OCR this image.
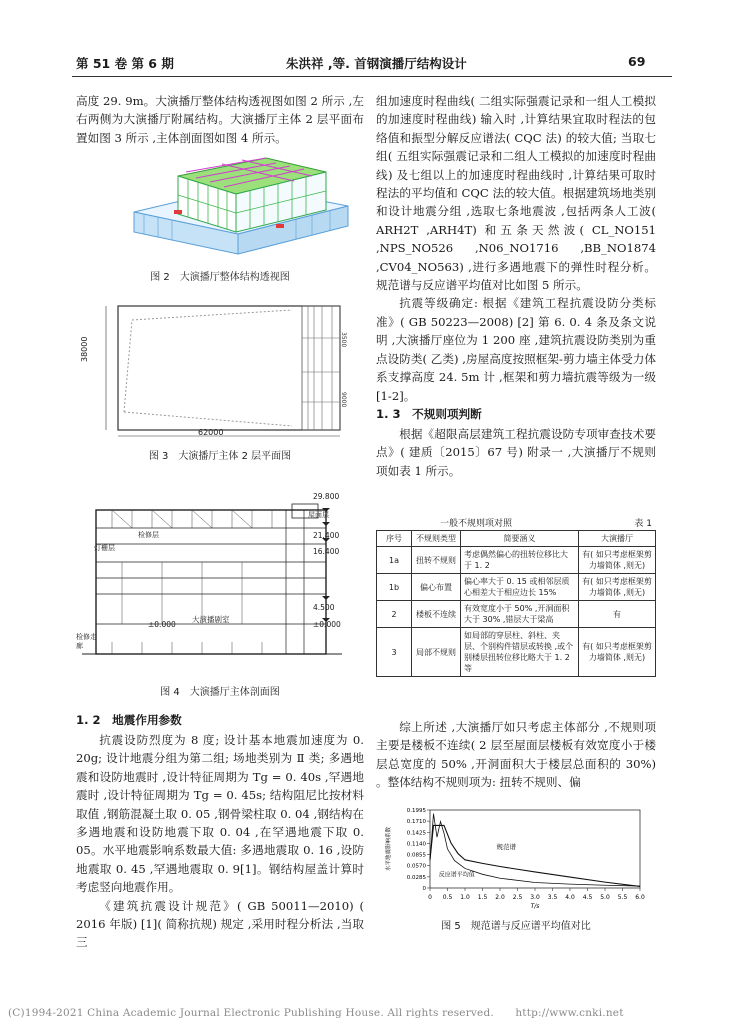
第 51 卷 第 6 期	朱洪祥 ,等. 首钢演播厅结构设计	69

高度 29. 9m。大演播厅整体结构透视图如图 2 所示 ,左右两侧为大演播厅附属结构。大演播厅主体 2 层平面布置如图 3 所示 ,主体剖面图如图 4 所示。

图 2　大演播厅整体结构透视图
3500
9000
62000
38000
图 3　大演播厅主体 2 层平面图
29.800
21.400
16.400
4.500
±0.000
±0.000
屋面层
检修层
灯栅层
大演播剧室
检修走廊
图 4　大演播厅主体剖面图
1. 2　地震作用参数

抗震设防烈度为 8 度; 设计基本地震加速度为 0. 20g; 设计地震分组为第二组; 场地类别为 Ⅱ 类; 多遇地震和设防地震时 ,设计特征周期为 Tg = 0. 40s ,罕遇地震时 ,设计特征周期为 Tg = 0. 45s; 结构阻尼比按材料取值 ,钢筋混凝土取 0. 05 ,钢骨梁柱取 0. 04 ,钢结构在多遇地震和设防地震下取 0. 04 ,在罕遇地震下取 0. 05。水平地震影响系数最大值: 多遇地震取 0. 16 ,设防地震取 0. 45 ,罕遇地震取 0. 9[1]。钢结构屋盖计算时考虑竖向地震作用。

《建筑抗震设计规范》( GB 50011—2010) ( 2016 年版) [1]( 简称抗规) 规定 ,采用时程分析法 ,当取三

组加速度时程曲线( 二组实际强震记录和一组人工模拟的加速度时程曲线) 输入时 ,计算结果宜取时程法的包络值和振型分解反应谱法( CQC 法) 的较大值; 当取七组( 五组实际强震记录和二组人工模拟的加速度时程曲线) 及七组以上的加速度时程曲线时 ,计算结果可取时程法的平均值和 CQC 法的较大值。根据建筑场地类别和设计地震分组 ,选取七条地震波 ,包括两条人工波( ARH2T ,ARH4T) 和五条天然波( CL_NO151 ,NPS_NO526 ,N06_NO1716 ,BB_NO1874 ,CV04_NO563) ,进行多遇地震下的弹性时程分析。规范谱与反应谱平均值对比如图 5 所示。

抗震等级确定: 根据《建筑工程抗震设防分类标准》( GB 50223—2008) [2] 第 6. 0. 4 条及条文说明 ,大演播厅座位为 1 200 座 ,建筑抗震设防类别为重点设防类( 乙类) ,房屋高度按照框架-剪力墙主体受力体系支撑高度 24. 5m 计 ,框架和剪力墙抗震等级为一级[1-2]。

1. 3　不规则项判断

根据《超限高层建筑工程抗震设防专项审查技术要点》( 建质〔2015〕67 号) 附录一 ,大演播厅不规则项如表 1 所示。

一般不规则项对照	表 1
序号	不规则类型	简要涵义	大演播厅
1a	扭转不规则	考虑偶然偏心的扭转位移比大于 1. 2	有( 如只考虑框架剪力墙简体 ,则无)
1b	偏心布置	偏心率大于 0. 15 或相邻层质心相差大于相应边长 15%	有( 如只考虑框架剪力墙简体 ,则无)
2	楼板不连续	有效宽度小于 50% ,开洞面积大于 30% ,错层大于梁高	有
3	局部不规则	如局部的穿层柱、斜柱、夹层、个别构件错层或转换 ,或个别楼层扭转位移比略大于 1. 2 等	有( 如只考虑框架剪力墙简体 ,则无)

综上所述 ,大演播厅如只考虑主体部分 ,不规则项主要是楼板不连续( 2 层至屋面层楼板有效宽度小于楼层总宽度的 50% ,开洞面积大于楼层总面积的 30%) 。整体结构不规则项为: 扭转不规则、偏

0 0.5 1.0 1.5 2.0 2.5 3.0 3.5 4.0 4.5 5.0 5.5 6.0
0
0.0285
0.0570
0.0855
0.1140
0.1425
0.1710
0.1995
T/s
水平地震影响系数	规范谱
反应谱平均值
图 5　规范谱与反应谱平均值对比
(C)1994-2021 China Academic Journal Electronic Publishing House. All rights reserved.　　http://www.cnki.net
